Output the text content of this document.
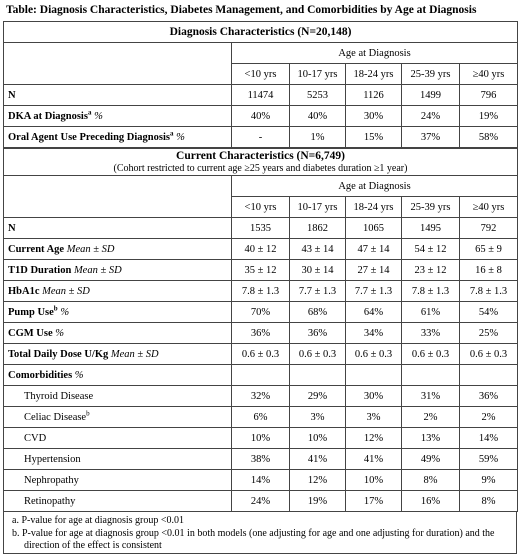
Table: Diagnosis Characteristics, Diabetes Management, and Comorbidities by Age at Diagnosis
Diagnosis Characteristics (N=20,148)					
	Age at Diagnosis				
	<10 yrs	10-17 yrs	18-24 yrs	25-39 yrs	≥40 yrs
N	11474	5253	1126	1499	796
DKA at Diagnosis$^a$ %	40%	40%	30%	24%	19%
Oral Agent Use Preceding Diagnosis$^a$ %	-	1%	15%	37%	58%
Current Characteristics (N=6,749)
(Cohort restricted to current age ≥25 years and diabetes duration ≥1 year)					

	Age at Diagnosis				
	<10 yrs	10-17 yrs	18-24 yrs	25-39 yrs	≥40 yrs
N	1535	1862	1065	1495	792
Current Age Mean ± SD	40 ± 12	43 ± 14	47 ± 14	54 ± 12	65 ± 9
T1D Duration Mean ± SD	35 ± 12	30 ± 14	27 ± 14	23 ± 12	16 ± 8
HbA1c Mean ± SD	7.8 ± 1.3	7.7 ± 1.3	7.7 ± 1.3	7.8 ± 1.3	7.8 ± 1.3
Pump Use$^b$ %	70%	68%	64%	61%	54%
CGM Use %	36%	36%	34%	33%	25%
Total Daily Dose U/Kg Mean ± SD	0.6 ± 0.3	0.6 ± 0.3	0.6 ± 0.3	0.6 ± 0.3	0.6 ± 0.3
Comorbidities %					
Thyroid Disease	32%	29%	30%	31%	36%
Celiac Disease$^b$	6%	3%	3%	2%	2%
CVD	10%	10%	12%	13%	14%
Hypertension	38%	41%	41%	49%	59%
Nephropathy	14%	12%	10%	8%	9%
Retinopathy	24%	19%	17%	16%	8%
a. P-value for age at diagnosis group <0.01
b. P-value for age at diagnosis group <0.01 in both models (one adjusting for age and one adjusting for duration) and the direction of the effect is consistent
